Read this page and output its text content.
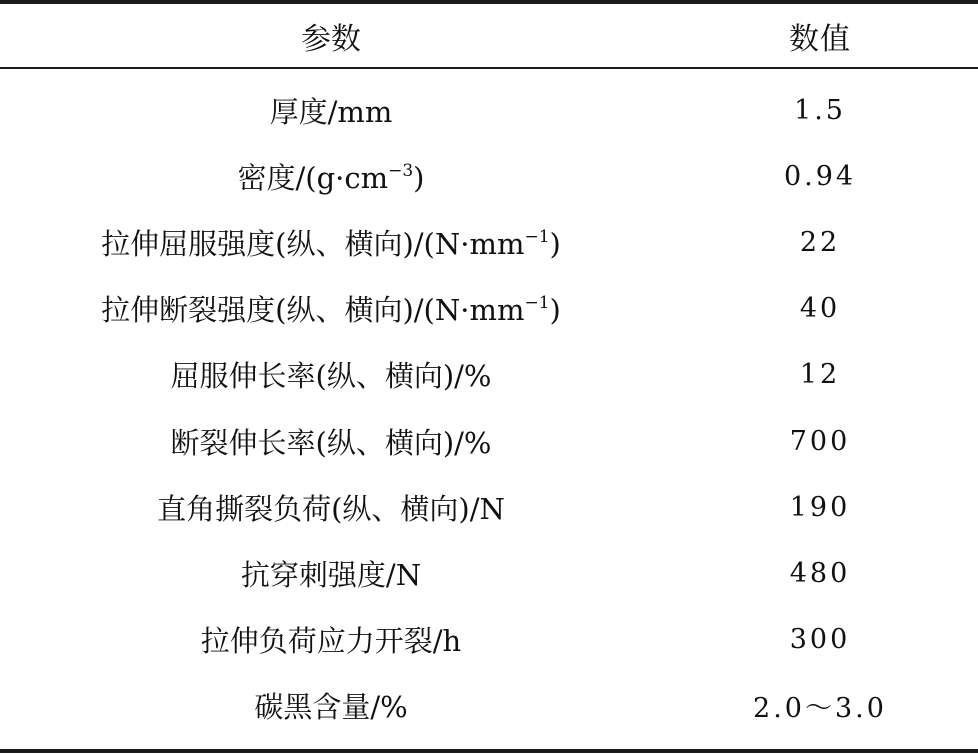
参数	数值
厚度/mm	1.5
密度$/(g\cdot cm^{-3})$	0.94
拉伸屈服强度(纵、横向)$/(N\cdot mm^{-1})$	22
拉伸断裂强度(纵、横向)$/(N\cdot mm^{-1})$	40
屈服伸长率(纵、横向)/%	12
断裂伸长率(纵、横向)/%	700
直角撕裂负荷(纵、横向)/N	190
抗穿刺强度/N	480
拉伸负荷应力开裂/h	300
碳黑含量/%	2.0～3.0
